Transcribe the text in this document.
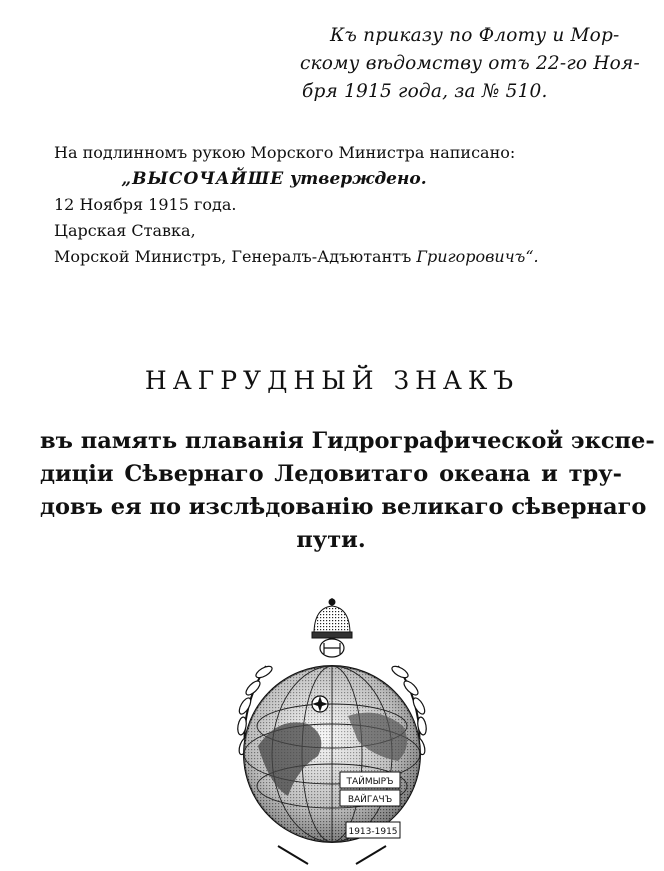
Къ приказу по Флоту и Мор-
скому вѣдомству отъ 22-го Ноя-
бря 1915 года, за № 510.
На подлинномъ рукою Морского Министра написано:
„ВЫСОЧАЙШЕ утверждено.
12 Ноября 1915 года.
Царская Ставка,
Морской Министръ, Генералъ-Адъютантъ Григоровичъ“.
НАГРУДНЫЙ ЗНАКЪ
въ память плаванія Гидрографической экспе-
диціи Сѣвернаго Ледовитаго океана и тру-
довъ ея по изслѣдованію великаго сѣвернаго
пути.
ТАЙМЫРЪ
ВАЙГАЧЪ
1913-1915
